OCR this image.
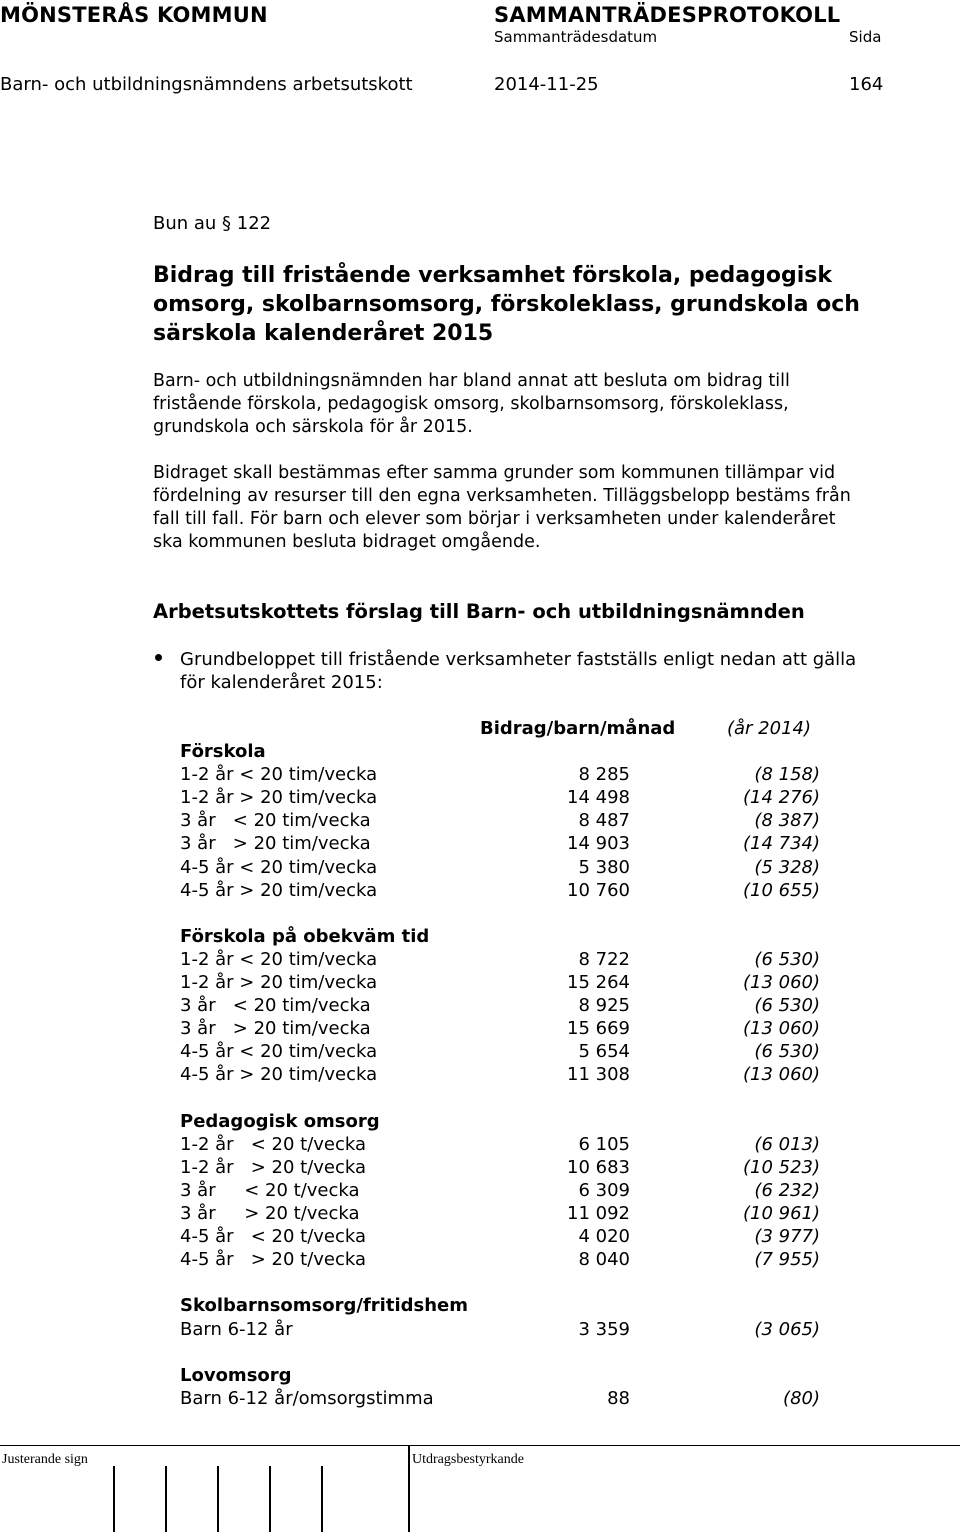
MÖNSTERÅS KOMMUN	SAMMANTRÄDESPROTOKOLL
Sammanträdesdatum	Sida
Barn- och utbildningsnämndens arbetsutskott	2014-11-25	164
Bun au § 122
Bidrag till fristående verksamhet förskola, pedagogisk
omsorg, skolbarnsomsorg, förskoleklass, grundskola och
särskola kalenderåret 2015
Barn- och utbildningsnämnden har bland annat att besluta om bidrag till
fristående förskola, pedagogisk omsorg, skolbarnsomsorg, förskoleklass,
grundskola och särskola för år 2015.
Bidraget skall bestämmas efter samma grunder som kommunen tillämpar vid
fördelning av resurser till den egna verksamheten. Tilläggsbelopp bestäms från
fall till fall. För barn och elever som börjar i verksamheten under kalenderåret
ska kommunen besluta bidraget omgående.
Arbetsutskottets förslag till Barn- och utbildningsnämnden
Grundbeloppet till fristående verksamheter fastställs enligt nedan att gälla
för kalenderåret 2015:
Bidrag/barn/månad	(år 2014)
Förskola
1-2 år < 20 tim/vecka	8 285	(8 158)
1-2 år > 20 tim/vecka	14 498	(14 276)
3 år   < 20 tim/vecka	8 487	(8 387)
3 år   > 20 tim/vecka	14 903	(14 734)
4-5 år < 20 tim/vecka	5 380	(5 328)
4-5 år > 20 tim/vecka	10 760	(10 655)
Förskola på obekväm tid
1-2 år < 20 tim/vecka	8 722	(6 530)
1-2 år > 20 tim/vecka	15 264	(13 060)
3 år   < 20 tim/vecka	8 925	(6 530)
3 år   > 20 tim/vecka	15 669	(13 060)
4-5 år < 20 tim/vecka	5 654	(6 530)
4-5 år > 20 tim/vecka	11 308	(13 060)
Pedagogisk omsorg
1-2 år   < 20 t/vecka	6 105	(6 013)
1-2 år   > 20 t/vecka	10 683	(10 523)
3 år     < 20 t/vecka	6 309	(6 232)
3 år     > 20 t/vecka	11 092	(10 961)
4-5 år   < 20 t/vecka	4 020	(3 977)
4-5 år   > 20 t/vecka	8 040	(7 955)
Skolbarnsomsorg/fritidshem
Barn 6-12 år	3 359	(3 065)
Lovomsorg
Barn 6-12 år/omsorgstimma	88	(80)
Justerande sign	Utdragsbestyrkande
